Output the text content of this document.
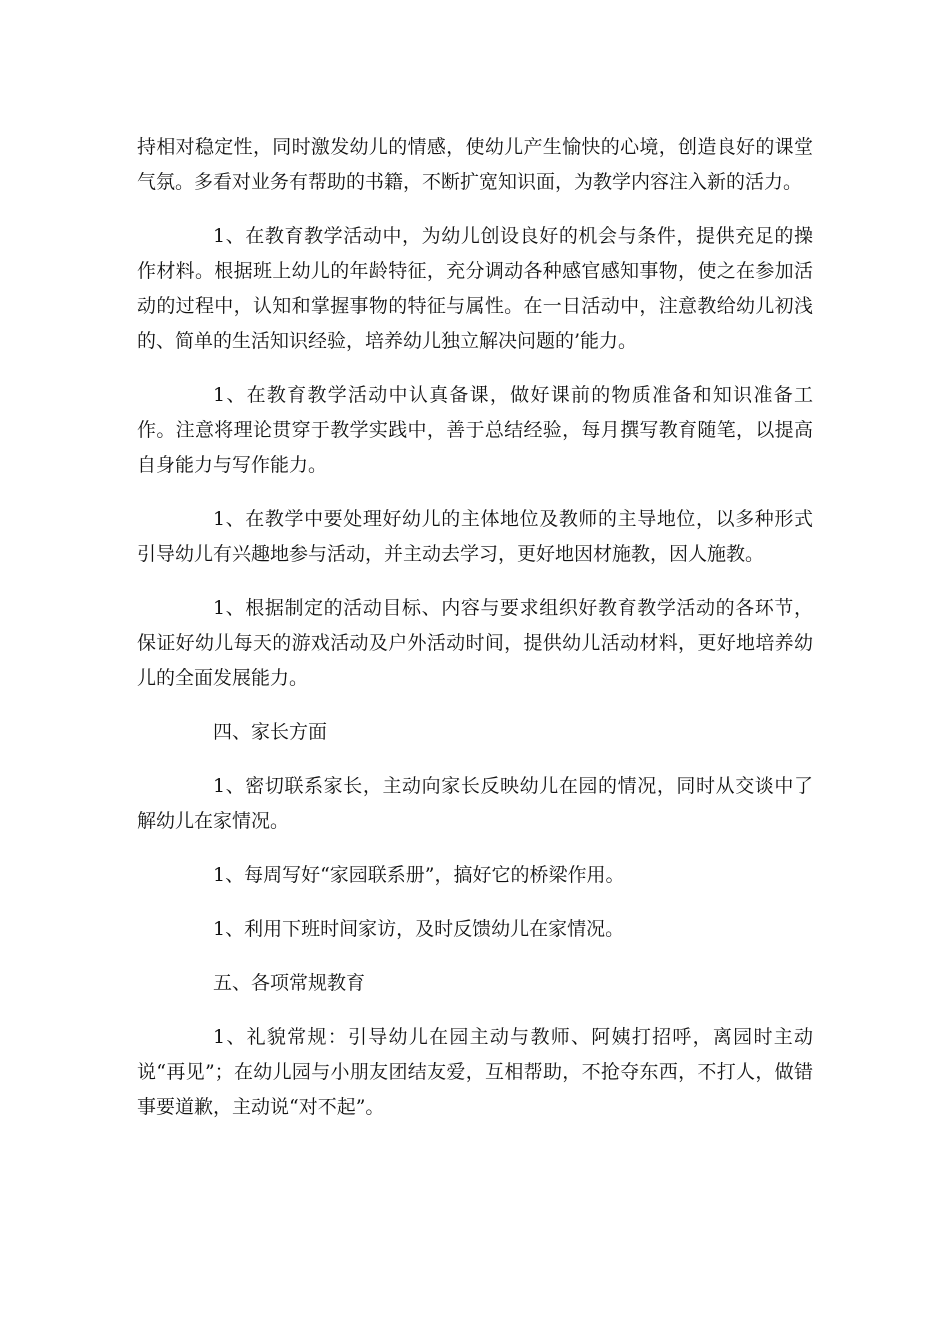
持相对稳定性，同时激发幼儿的情感，使幼儿产生愉快的心境，创造良好的课堂气氛。多看对业务有帮助的书籍，不断扩宽知识面，为教学内容注入新的活力。

1、在教育教学活动中，为幼儿创设良好的机会与条件，提供充足的操作材料。根据班上幼儿的年龄特征，充分调动各种感官感知事物，使之在参加活动的过程中，认知和掌握事物的特征与属性。在一日活动中，注意教给幼儿初浅的、简单的生活知识经验，培养幼儿独立解决问题的’能力。

1、在教育教学活动中认真备课，做好课前的物质准备和知识准备工作。注意将理论贯穿于教学实践中，善于总结经验，每月撰写教育随笔，以提高自身能力与写作能力。

1、在教学中要处理好幼儿的主体地位及教师的主导地位，以多种形式引导幼儿有兴趣地参与活动，并主动去学习，更好地因材施教，因人施教。

1、根据制定的活动目标、内容与要求组织好教育教学活动的各环节，保证好幼儿每天的游戏活动及户外活动时间，提供幼儿活动材料，更好地培养幼儿的全面发展能力。

四、家长方面

1、密切联系家长，主动向家长反映幼儿在园的情况，同时从交谈中了解幼儿在家情况。

1、每周写好“家园联系册”，搞好它的桥梁作用。

1、利用下班时间家访，及时反馈幼儿在家情况。

五、各项常规教育

1、礼貌常规：引导幼儿在园主动与教师、阿姨打招呼，离园时主动说“再见”；在幼儿园与小朋友团结友爱，互相帮助，不抢夺东西，不打人，做错事要道歉，主动说“对不起”。
